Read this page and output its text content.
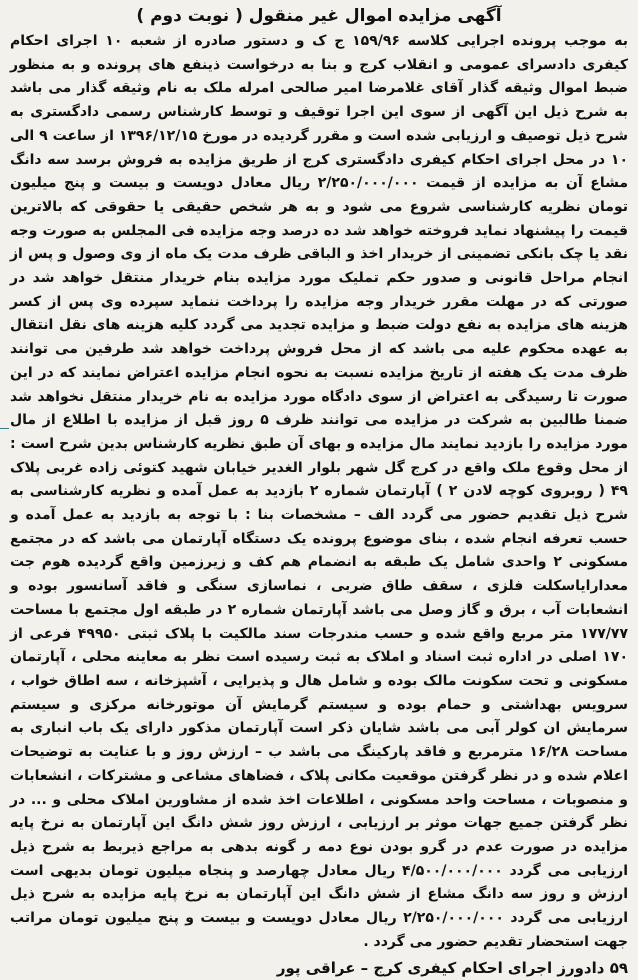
آگهی مزایده اموال غیر منقول ( نوبت دوم )

به موجب پرونده اجرایی کلاسه ۱۵۹/۹۶ ج ک و دستور صادره از شعبه ۱۰ اجرای احکام کیفری دادسرای عمومی و انقلاب کرج و بنا به درخواست ذینفع های پرونده و به منظور ضبط اموال وثیقه گذار آقای غلامرضا امیر صالحی امرله ملک به نام وثیقه گذار می باشد به شرح ذیل این آگهی از سوی این اجرا توقیف و توسط کارشناس رسمی دادگستری به شرح ذیل توصیف و ارزیابی شده است و مقرر گردیده در مورخ ۱۳۹۶/۱۲/۱۵ از ساعت ۹ الی ۱۰ در محل اجرای احکام کیفری دادگستری کرج از طریق مزایده به فروش برسد سه دانگ مشاع آن به مزایده از قیمت ۲/۲۵۰/۰۰۰/۰۰۰ ریال معادل دویست و بیست و پنج میلیون تومان نظریه کارشناسی شروع می شود و به هر شخص حقیقی یا حقوقی که بالاترین قیمت را پیشنهاد نماید فروخته خواهد شد ده درصد وجه مزایده فی المجلس به صورت وجه نقد یا چک بانکی تضمینی از خریدار اخذ و الباقی ظرف مدت یک ماه از وی وصول و پس از انجام مراحل قانونی و صدور حکم تملیک مورد مزایده بنام خریدار منتقل خواهد شد در صورتی که در مهلت مقرر خریدار وجه مزایده را پرداخت ننماید سپرده وی پس از کسر هزینه های مزایده به نفع دولت ضبط و مزایده تجدید می گردد کلیه هزینه های نقل انتقال به عهده محکوم علیه می باشد که از محل فروش پرداخت خواهد شد طرفین می توانند ظرف مدت یک هفته از تاریخ مزایده نسبت به نحوه انجام مزایده اعتراض نمایند که در این صورت تا رسیدگی به اعتراض از سوی دادگاه مورد مزایده به نام خریدار منتقل نخواهد شد ضمنا طالبین به شرکت در مزایده می توانند ظرف ۵ روز قبل از مزایده با اطلاع از مال مورد مزایده را بازدید نمایند مال مزایده و بهای آن طبق نظریه کارشناس بدین شرح است : از محل وقوع ملک واقع در کرج گل شهر بلوار الغدیر خیابان شهید کتوئی زاده غربی پلاک ۴۹ ( روبروی کوچه لادن ۲ ) آپارتمان شماره ۲ بازدید به عمل آمده و نظریه کارشناسی به شرح ذیل تقدیم حضور می گردد الف – مشخصات بنا : با توجه به بازدید به عمل آمده و حسب تعرفه انجام شده ، بنای موضوع پرونده یک دستگاه آپارتمان می باشد که در مجتمع مسکونی ۲ واحدی شامل یک طبقه به انضمام هم کف و زیرزمین واقع گردیده هوم جت معدارایاسکلت فلزی ، سقف طاق ضربی ، نماسازی سنگی و فاقد آسانسور بوده و انشعابات آب ، برق و گاز وصل می باشد آپارتمان شماره ۲ در طبقه اول مجتمع با مساحت ۱۷۷/۷۷ متر مربع واقع شده و حسب مندرجات سند مالکیت با پلاک ثبتی ۴۹۹۵۰ فرعی از ۱۷۰ اصلی در اداره ثبت اسناد و املاک به ثبت رسیده است نظر به معاینه محلی ، آپارتمان مسکونی و تحت سکونت مالک بوده و شامل هال و پذیرایی ، آشپزخانه ، سه اطاق خواب ، سرویس بهداشتی و حمام بوده و سیستم گرمایش آن موتورخانه مرکزی و سیستم سرمایش ان کولر آبی می باشد شایان ذکر است آپارتمان مذکور دارای یک باب انباری به مساحت ۱۶/۲۸ مترمربع و فاقد پارکینگ می باشد ب – ارزش روز و با عنایت به توضیحات اعلام شده و در نظر گرفتن موقعیت مکانی پلاک ، فضاهای مشاعی و مشترکات ، انشعابات و منصوبات ، مساحت واحد مسکونی ، اطلاعات اخذ شده از مشاورین املاک محلی و ... در نظر گرفتن جمیع جهات موثر بر ارزیابی ، ارزش روز شش دانگ این آپارتمان به نرخ پایه مزایده در صورت عدم در گرو بودن نوع دمه ر گونه بدهی به مراجع ذیربط به شرح ذیل ارزیابی می گردد ۴/۵۰۰/۰۰۰/۰۰۰ ریال معادل چهارصد و پنجاه میلیون تومان بدیهی است ارزش و روز سه دانگ مشاع از شش دانگ این آپارتمان به نرخ پایه مزایده به شرح ذیل ارزیابی می گردد ۲/۲۵۰/۰۰۰/۰۰۰ ریال معادل دویست و بیست و پنج میلیون تومان مراتب جهت استحضار تقدیم حضور می گردد .

۵۹ دادورز اجرای احکام کیفری کرج – عراقی پور
